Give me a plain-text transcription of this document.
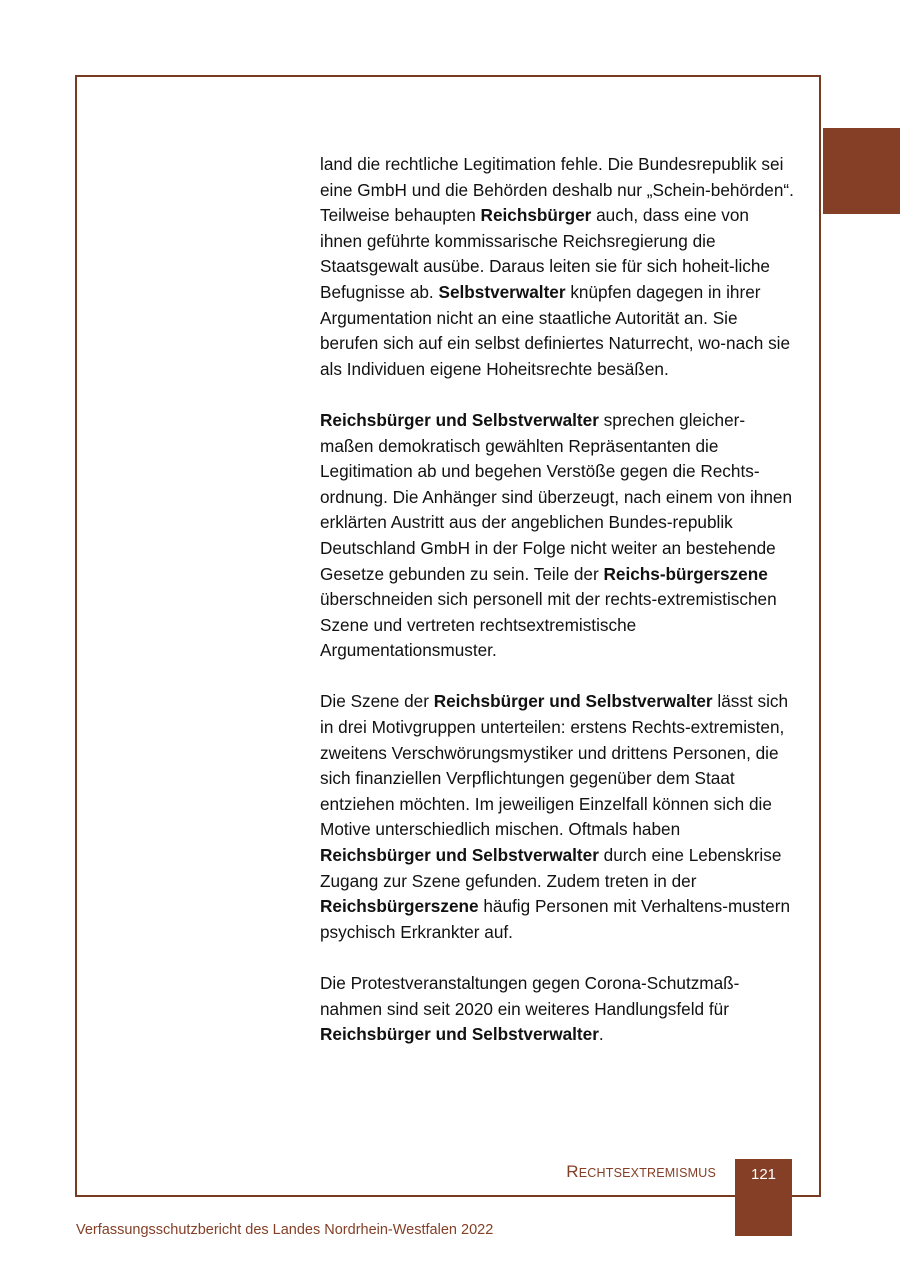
land die rechtliche Legitimation fehle. Die Bundesrepublik sei eine GmbH und die Behörden deshalb nur „Schein-behörden“. Teilweise behaupten Reichsbürger auch, dass eine von ihnen geführte kommissarische Reichsregierung die Staatsgewalt ausübe. Daraus leiten sie für sich hoheit-liche Befugnisse ab. Selbstverwalter knüpfen dagegen in ihrer Argumentation nicht an eine staatliche Autorität an. Sie berufen sich auf ein selbst definiertes Naturrecht, wo-nach sie als Individuen eigene Hoheitsrechte besäßen.

Reichsbürger und Selbstverwalter sprechen gleicher-maßen demokratisch gewählten Repräsentanten die Legitimation ab und begehen Verstöße gegen die Rechts-ordnung. Die Anhänger sind überzeugt, nach einem von ihnen erklärten Austritt aus der angeblichen Bundes-republik Deutschland GmbH in der Folge nicht weiter an bestehende Gesetze gebunden zu sein. Teile der Reichs-bürgerszene überschneiden sich personell mit der rechts-extremistischen Szene und vertreten rechtsextremistische Argumentationsmuster.

Die Szene der Reichsbürger und Selbstverwalter lässt sich in drei Motivgruppen unterteilen: erstens Rechts-extremisten, zweitens Verschwörungsmystiker und drittens Personen, die sich finanziellen Verpflichtungen gegenüber dem Staat entziehen möchten. Im jeweiligen Einzelfall können sich die Motive unterschiedlich mischen. Oftmals haben Reichsbürger und Selbstverwalter durch eine Lebenskrise Zugang zur Szene gefunden. Zudem treten in der Reichsbürgerszene häufig Personen mit Verhaltens-mustern psychisch Erkrankter auf.

Die Protestveranstaltungen gegen Corona-Schutzmaß-nahmen sind seit 2020 ein weiteres Handlungsfeld für Reichsbürger und Selbstverwalter.

RECHTSEXTREMISMUS	121
Verfassungsschutzbericht des Landes Nordrhein-Westfalen 2022
